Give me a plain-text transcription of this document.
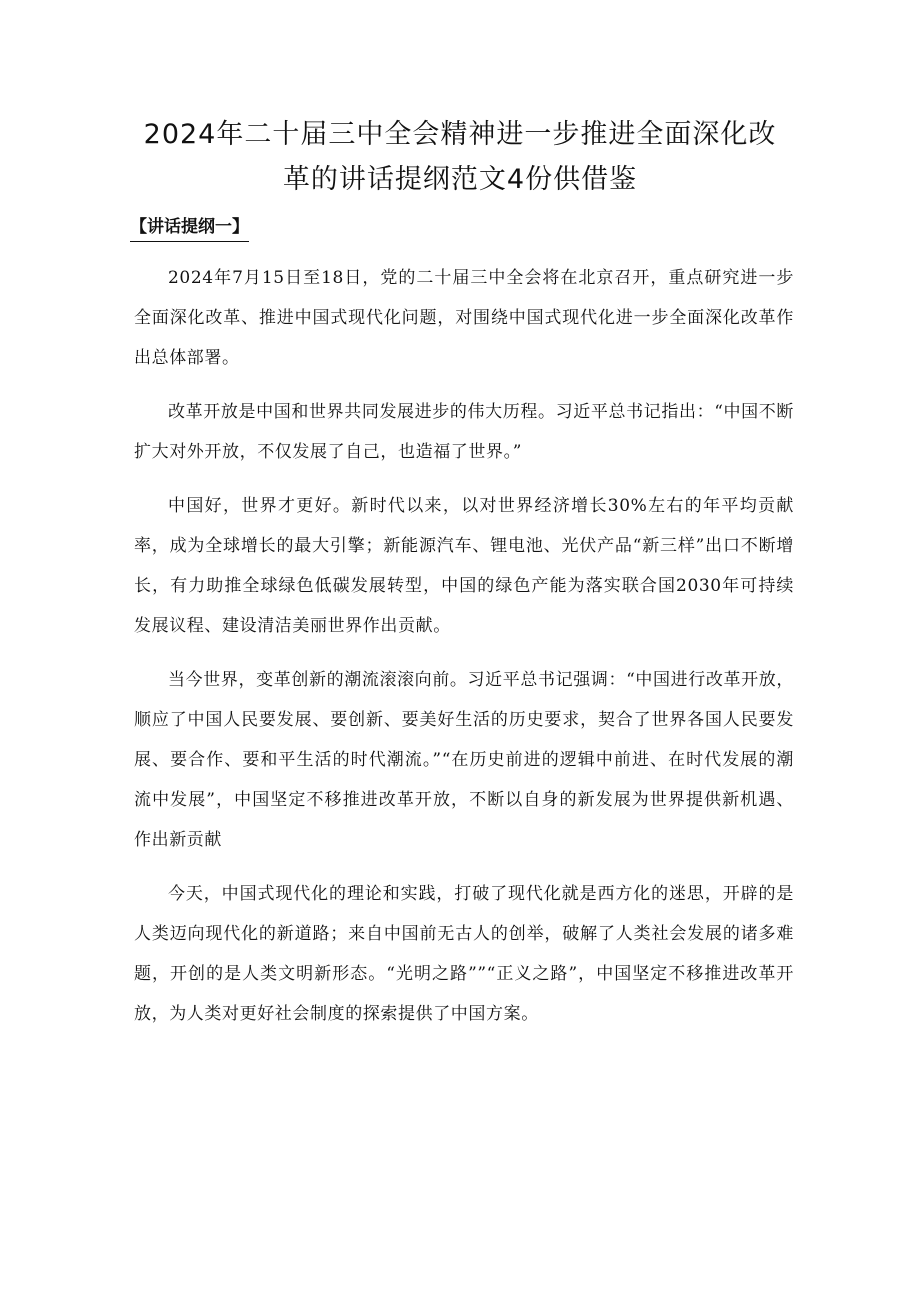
2024年二十届三中全会精神进一步推进全面深化改
革的讲话提纲范文4份供借鉴
【讲话提纲一】

2024年7月15日至18日，党的二十届三中全会将在北京召开，重点研究进一步全面深化改革、推进中国式现代化问题，对围绕中国式现代化进一步全面深化改革作出总体部署。

改革开放是中国和世界共同发展进步的伟大历程。习近平总书记指出：“中国不断扩大对外开放，不仅发展了自己，也造福了世界。”

中国好，世界才更好。新时代以来，以对世界经济增长30%左右的年平均贡献率，成为全球增长的最大引擎；新能源汽车、锂电池、光伏产品“新三样”出口不断增长，有力助推全球绿色低碳发展转型，中国的绿色产能为落实联合国2030年可持续发展议程、建设清洁美丽世界作出贡献。

当今世界，变革创新的潮流滚滚向前。习近平总书记强调：“中国进行改革开放，顺应了中国人民要发展、要创新、要美好生活的历史要求，契合了世界各国人民要发展、要合作、要和平生活的时代潮流。”“在历史前进的逻辑中前进、在时代发展的潮流中发展”，中国坚定不移推进改革开放，不断以自身的新发展为世界提供新机遇、作出新贡献

今天，中国式现代化的理论和实践，打破了现代化就是西方化的迷思，开辟的是人类迈向现代化的新道路；来自中国前无古人的创举，破解了人类社会发展的诸多难题，开创的是人类文明新形态。“光明之路””“正义之路”，中国坚定不移推进改革开放，为人类对更好社会制度的探索提供了中国方案。
